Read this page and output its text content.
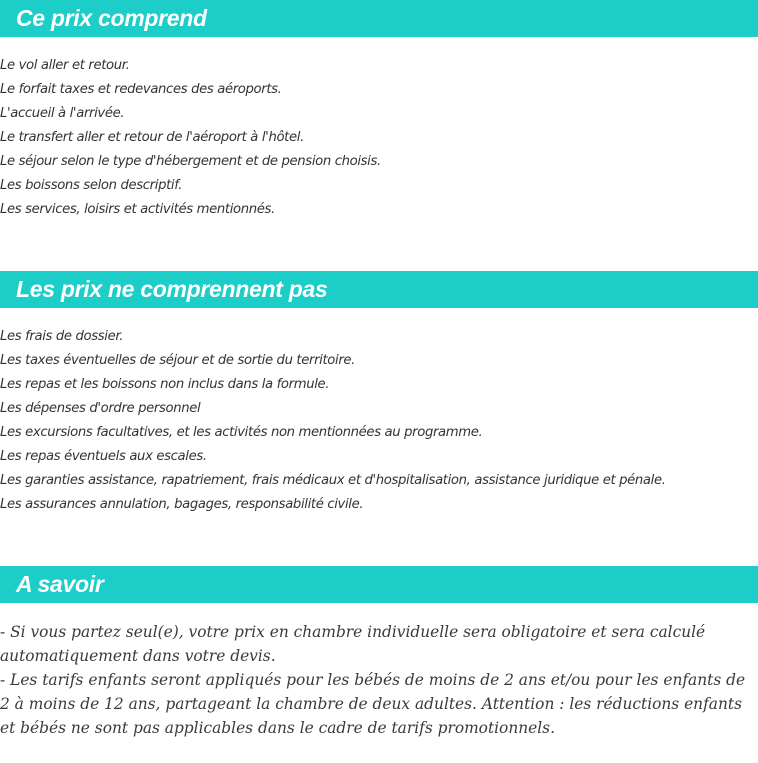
Ce prix comprend
Le vol aller et retour.
Le forfait taxes et redevances des aéroports.
L'accueil à l'arrivée.
Le transfert aller et retour de l'aéroport à l'hôtel.
Le séjour selon le type d'hébergement et de pension choisis.
Les boissons selon descriptif.
Les services, loisirs et activités mentionnés.
Les prix ne comprennent pas
Les frais de dossier.
Les taxes éventuelles de séjour et de sortie du territoire.
Les repas et les boissons non inclus dans la formule.
Les dépenses d'ordre personnel
Les excursions facultatives, et les activités non mentionnées au programme.
Les repas éventuels aux escales.
Les garanties assistance, rapatriement, frais médicaux et d'hospitalisation, assistance juridique et pénale.
Les assurances annulation, bagages, responsabilité civile.
A savoir

- Si vous partez seul(e), votre prix en chambre individuelle sera obligatoire et sera calculé automatiquement dans votre devis.

- Les tarifs enfants seront appliqués pour les bébés de moins de 2 ans et/ou pour les enfants de 2 à moins de 12 ans, partageant la chambre de deux adultes. Attention : les réductions enfants et bébés ne sont pas applicables dans le cadre de tarifs promotionnels.
